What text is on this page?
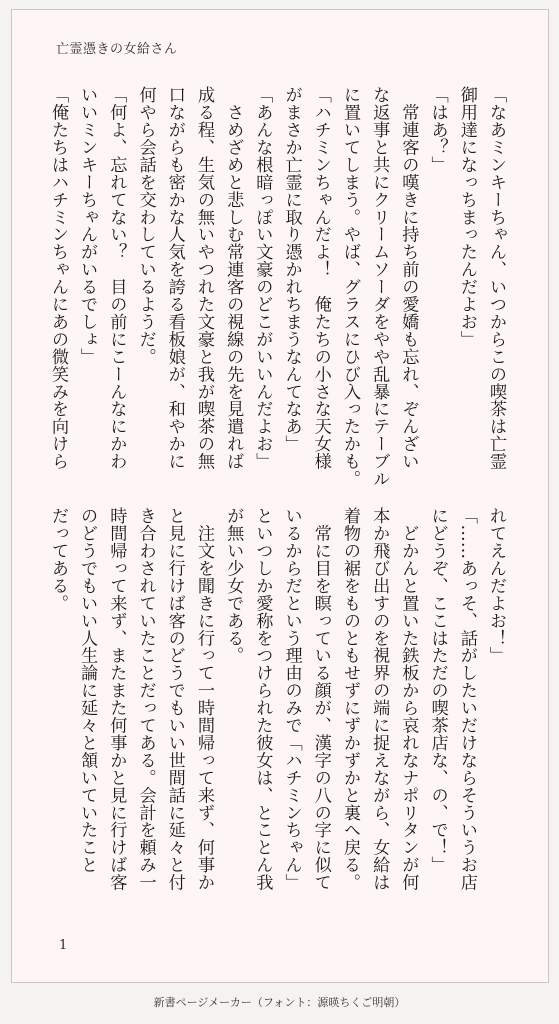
亡霊憑きの女給さん
「なあミンキーちゃん、いつからこの喫茶は亡霊
御用達になっちまったんだよお」
「はあ？」
　常連客の嘆きに持ち前の愛嬌も忘れ、ぞんざい
な返事と共にクリームソーダをやや乱暴にテーブル
に置いてしまう。やば、グラスにひび入ったかも。
「ハチミンちゃんだよ！　俺たちの小さな天女様
がまさか亡霊に取り憑かれちまうなんてなあ」
「あんな根暗っぽい文豪のどこがいいんだよお」
　さめざめと悲しむ常連客の視線の先を見遣れば
成る程、生気の無いやつれた文豪と我が喫茶の無
口ながらも密かな人気を誇る看板娘が、和やかに
何やら会話を交わしているようだ。
「何よ、忘れてない？　目の前にこーんなにかわ
いいミンキーちゃんがいるでしょ」
「俺たちはハチミンちゃんにあの微笑みを向けら
れてえんだよお！」
「……あっそ、話がしたいだけならそういうお店
にどうぞ、ここはただの喫茶店な、の、で！」
　どかんと置いた鉄板から哀れなナポリタンが何
本か飛び出すのを視界の端に捉えながら、女給は
着物の裾をものともせずにずかずかと裏へ戻る。
　常に目を瞑っている顔が、漢字の八の字に似て
いるからだという理由のみで「ハチミンちゃん」
といつしか愛称をつけられた彼女は、とことん我
が無い少女である。
　注文を聞きに行って一時間帰って来ず、何事か
と見に行けば客のどうでもいい世間話に延々と付
き合わされていたことだってある。会計を頼み一
時間帰って来ず、またまた何事かと見に行けば客
のどうでもいい人生論に延々と頷いていたこと
だってある。
1
新書ページメーカー（フォント：源暎ちくご明朝）
